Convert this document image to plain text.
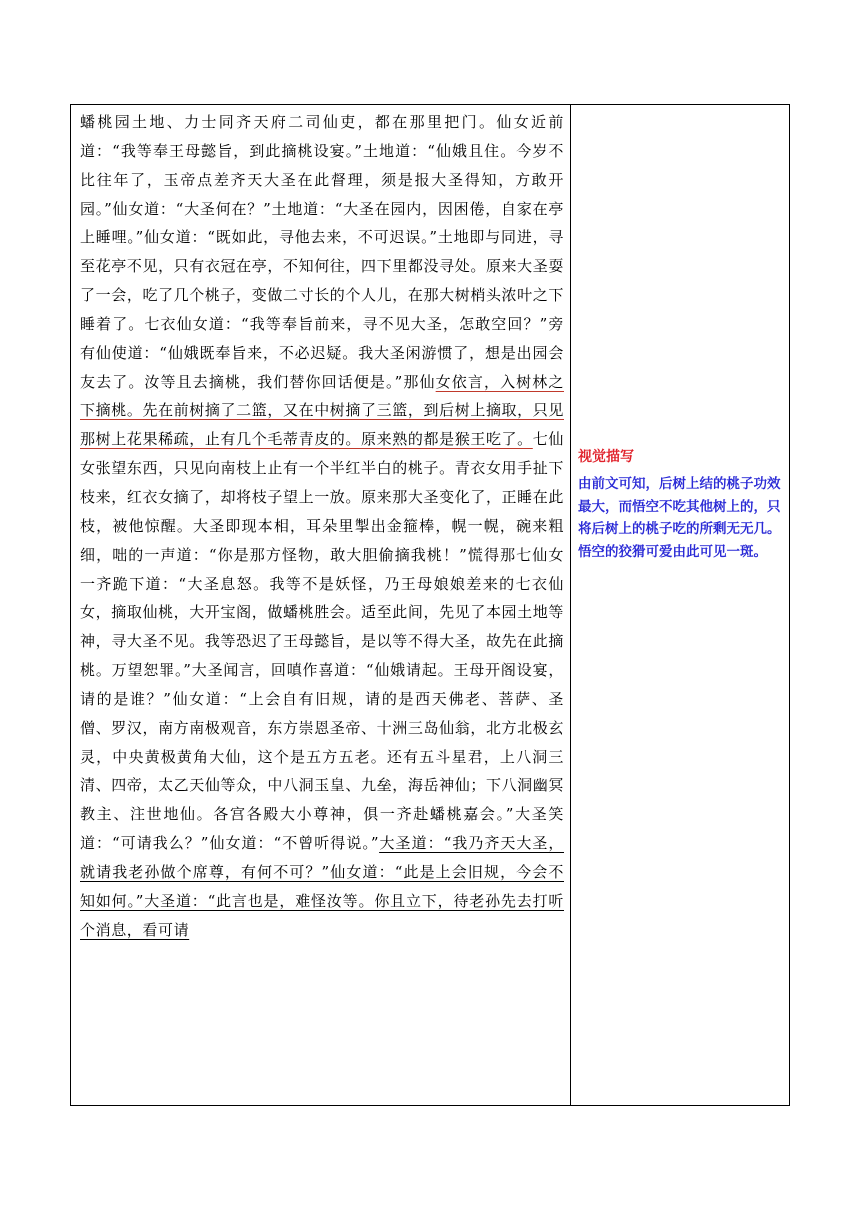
蟠桃园土地、力士同齐天府二司仙吏，都在那里把门。仙女近前道：“我等奉王母懿旨，到此摘桃设宴。”土地道：“仙娥且住。今岁不比往年了，玉帝点差齐天大圣在此督理，须是报大圣得知，方敢开园。”仙女道：“大圣何在？”土地道：“大圣在园内，因困倦，自家在亭上睡哩。”仙女道：“既如此，寻他去来，不可迟误。”土地即与同进，寻至花亭不见，只有衣冠在亭，不知何往，四下里都没寻处。原来大圣耍了一会，吃了几个桃子，变做二寸长的个人儿，在那大树梢头浓叶之下睡着了。七衣仙女道：“我等奉旨前来，寻不见大圣，怎敢空回？”旁有仙使道：“仙娥既奉旨来，不必迟疑。我大圣闲游惯了，想是出园会友去了。汝等且去摘桃，我们替你回话便是。”那仙女依言，入树林之下摘桃。先在前树摘了二篮，又在中树摘了三篮，到后树上摘取，只见那树上花果稀疏，止有几个毛蒂青皮的。原来熟的都是猴王吃了。七仙女张望东西，只见向南枝上止有一个半红半白的桃子。青衣女用手扯下枝来，红衣女摘了，却将枝子望上一放。原来那大圣变化了，正睡在此枝，被他惊醒。大圣即现本相，耳朵里掣出金箍棒，幌一幌，碗来粗细，咄的一声道：“你是那方怪物，敢大胆偷摘我桃！”慌得那七仙女一齐跪下道：“大圣息怒。我等不是妖怪，乃王母娘娘差来的七衣仙女，摘取仙桃，大开宝阁，做蟠桃胜会。适至此间，先见了本园土地等神，寻大圣不见。我等恐迟了王母懿旨，是以等不得大圣，故先在此摘桃。万望恕罪。”大圣闻言，回嗔作喜道：“仙娥请起。王母开阁设宴，请的是谁？”仙女道：“上会自有旧规，请的是西天佛老、菩萨、圣僧、罗汉，南方南极观音，东方崇恩圣帝、十洲三岛仙翁，北方北极玄灵，中央黄极黄角大仙，这个是五方五老。还有五斗星君，上八洞三清、四帝，太乙天仙等众，中八洞玉皇、九垒，海岳神仙；下八洞幽冥教主、注世地仙。各宫各殿大小尊神，俱一齐赴蟠桃嘉会。”大圣笑道：“可请我么？”仙女道：“不曾听得说。”大圣道：“我乃齐天大圣，就请我老孙做个席尊，有何不可？”仙女道：“此是上会旧规，今会不知如何。”大圣道：“此言也是，难怪汝等。你且立下，待老孙先去打听个消息，看可请

视觉描写

由前文可知，后树上结的桃子功效最大，而悟空不吃其他树上的，只将后树上的桃子吃的所剩无无几。悟空的狡猾可爱由此可见一斑。
